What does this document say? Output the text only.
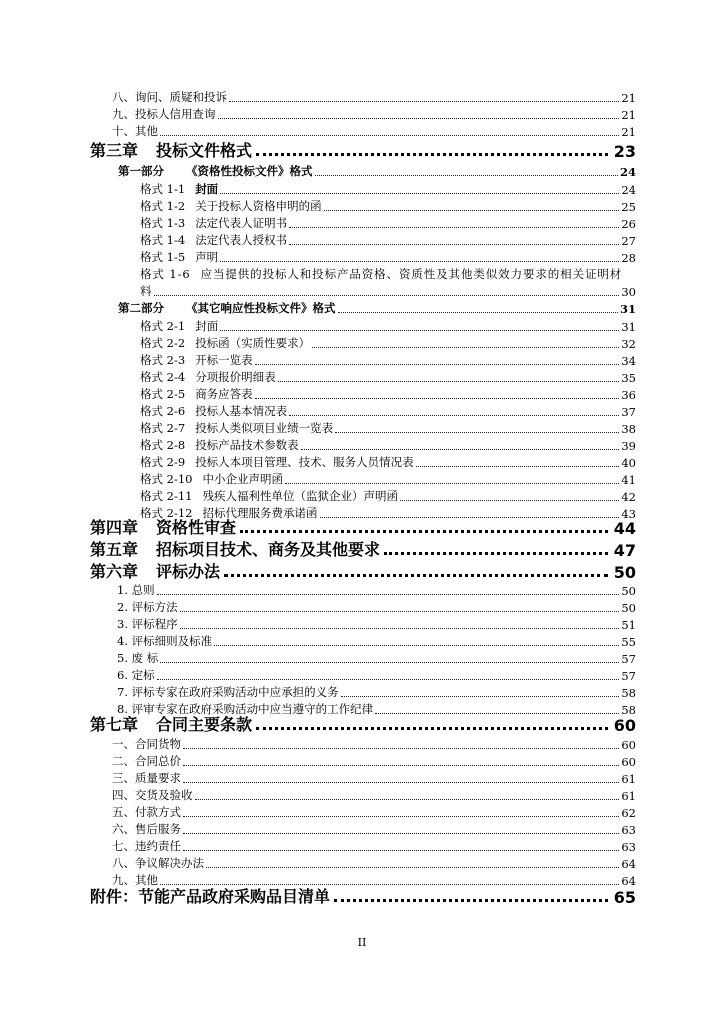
八、询问、质疑和投诉	21
九、投标人信用查询	21
十、其他	21
第三章 投标文件格式	23
第一部分 《资格性投标文件》格式	24
格式 1-1 封面	24
格式 1-2 关于投标人资格申明的函	25
格式 1-3 法定代表人证明书	26
格式 1-4 法定代表人授权书	27
格式 1-5 声明	28
格式 1-6 应当提供的投标人和投标产品资格、资质性及其他类似效力要求的相关证明材
料	30
第二部分 《其它响应性投标文件》格式	31
格式 2-1 封面	31
格式 2-2 投标函（实质性要求）	32
格式 2-3 开标一览表	34
格式 2-4 分项报价明细表	35
格式 2-5 商务应答表	36
格式 2-6 投标人基本情况表	37
格式 2-7 投标人类似项目业绩一览表	38
格式 2-8 投标产品技术参数表	39
格式 2-9 投标人本项目管理、技术、服务人员情况表	40
格式 2-10 中小企业声明函	41
格式 2-11 残疾人福利性单位（监狱企业）声明函	42
格式 2-12 招标代理服务费承诺函	43
第四章 资格性审查	44
第五章 招标项目技术、商务及其他要求	47
第六章 评标办法	50
1. 总则	50
2. 评标方法	50
3. 评标程序	51
4. 评标细则及标准	55
5. 废 标	57
6. 定标	57
7. 评标专家在政府采购活动中应承担的义务	58
8. 评审专家在政府采购活动中应当遵守的工作纪律	58
第七章 合同主要条款	60
一、合同货物	60
二、合同总价	60
三、质量要求	61
四、交货及验收	61
五、付款方式	62
六、售后服务	63
七、违约责任	63
八、争议解决办法	64
九、其他	64
附件：节能产品政府采购品目清单	65
II
